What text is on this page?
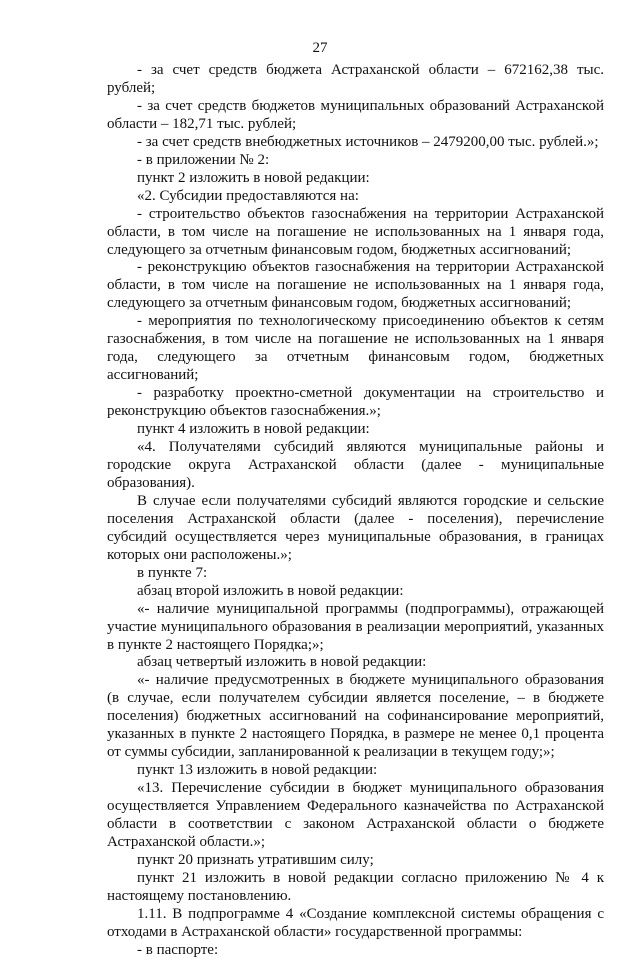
27

- за счет средств бюджета Астраханской области – 672162,38 тыс. рублей;

- за счет средств бюджетов муниципальных образований Астраханской области – 182,71 тыс. рублей;

- за счет средств внебюджетных источников – 2479200,00 тыс. рублей.»;

- в приложении № 2:

пункт 2 изложить в новой редакции:

«2. Субсидии предоставляются на:

- строительство объектов газоснабжения на территории Астраханской области, в том числе на погашение не использованных на 1 января года, следующего за отчетным финансовым годом, бюджетных ассигнований;

- реконструкцию объектов газоснабжения на территории Астраханской области, в том числе на погашение не использованных на 1 января года, следующего за отчетным финансовым годом, бюджетных ассигнований;

- мероприятия по технологическому присоединению объектов к сетям газоснабжения, в том числе на погашение не использованных на 1 января года, следующего за отчетным финансовым годом, бюджетных ассигнований;

- разработку проектно-сметной документации на строительство и реконструкцию объектов газоснабжения.»;

пункт 4 изложить в новой редакции:

«4. Получателями субсидий являются муниципальные районы и городские округа Астраханской области (далее - муниципальные образования).

В случае если получателями субсидий являются городские и сельские поселения Астраханской области (далее - поселения), перечисление субсидий осуществляется через муниципальные образования, в границах которых они расположены.»;

в пункте 7:

абзац второй изложить в новой редакции:

«- наличие муниципальной программы (подпрограммы), отражающей участие муниципального образования в реализации мероприятий, указанных в пункте 2 настоящего Порядка;»;

абзац четвертый изложить в новой редакции:

«- наличие предусмотренных в бюджете муниципального образования (в случае, если получателем субсидии является поселение, – в бюджете поселения) бюджетных ассигнований на софинансирование мероприятий, указанных в пункте 2 настоящего Порядка, в размере не менее 0,1 процента от суммы субсидии, запланированной к реализации в текущем году;»;

пункт 13 изложить в новой редакции:

«13. Перечисление субсидии в бюджет муниципального образования осуществляется Управлением Федерального казначейства по Астраханской области в соответствии с законом Астраханской области о бюджете Астраханской области.»;

пункт 20 признать утратившим силу;

пункт 21 изложить в новой редакции согласно приложению № 4 к настоящему постановлению.

1.11. В подпрограмме 4 «Создание комплексной системы обращения с отходами в Астраханской области» государственной программы:

- в паспорте:
